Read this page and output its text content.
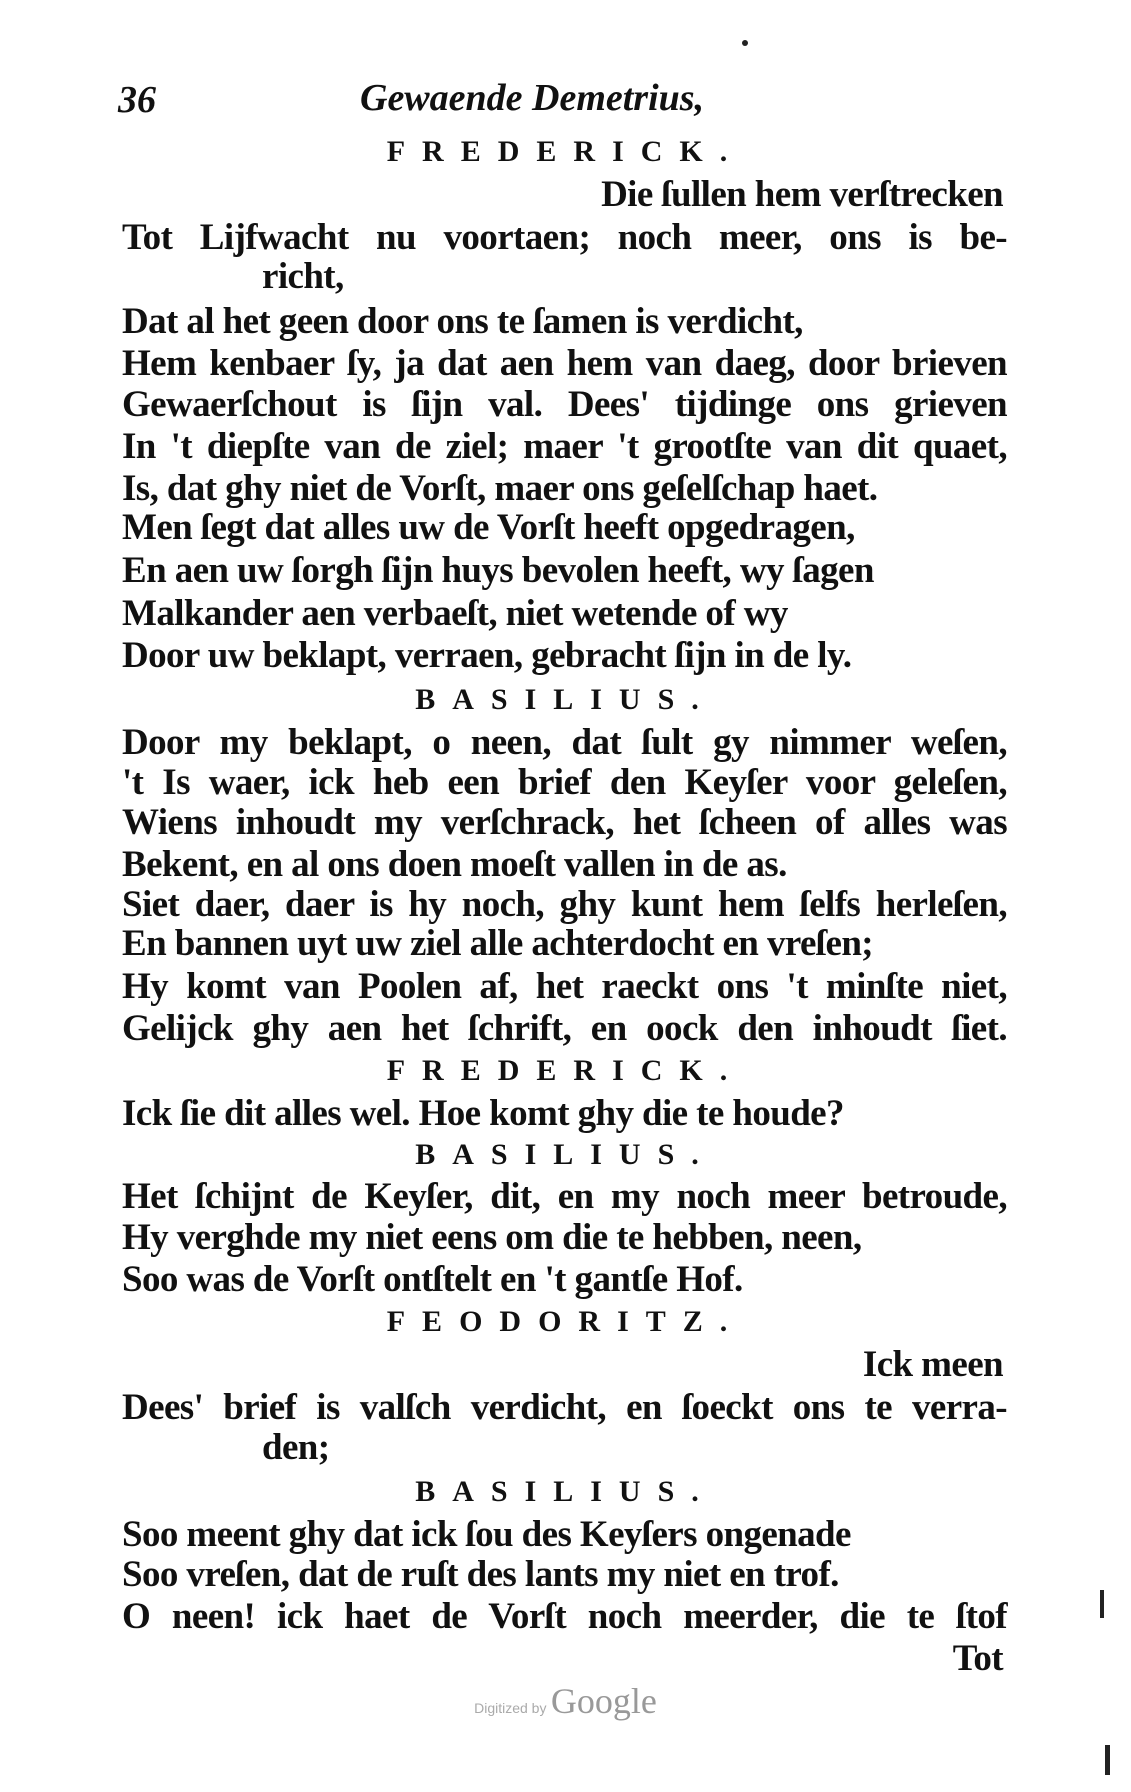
36	Gewaende Demetrius,
FREDERICK.
Die ſullen hem verſtrecken
Tot Lijfwacht nu voortaen; noch meer, ons is be-
richt,
Dat al het geen door ons te ſamen is verdicht,
Hem kenbaer ſy, ja dat aen hem van daeg, door brieven
Gewaerſchout is ſijn val. Dees' tijdinge ons grieven
In 't diepſte van de ziel; maer 't grootſte van dit quaet,
Is, dat ghy niet de Vorſt, maer ons geſelſchap haet.
Men ſegt dat alles uw de Vorſt heeft opgedragen,
En aen uw ſorgh ſijn huys bevolen heeft, wy ſagen
Malkander aen verbaeſt, niet wetende of wy
Door uw beklapt, verraen, gebracht ſijn in de ly.
BASILIUS.
Door my beklapt, o neen, dat ſult gy nimmer weſen,
't Is waer, ick heb een brief den Keyſer voor geleſen,
Wiens inhoudt my verſchrack, het ſcheen of alles was
Bekent, en al ons doen moeſt vallen in de as.
Siet daer, daer is hy noch, ghy kunt hem ſelfs herleſen,
En bannen uyt uw ziel alle achterdocht en vreſen;
Hy komt van Poolen af, het raeckt ons 't minſte niet,
Gelijck ghy aen het ſchrift, en oock den inhoudt ſiet.
FREDERICK.
Ick ſie dit alles wel. Hoe komt ghy die te houde?
BASILIUS.
Het ſchijnt de Keyſer, dit, en my noch meer betroude,
Hy verghde my niet eens om die te hebben, neen,
Soo was de Vorſt ontſtelt en 't gantſe Hof.
FEODORITZ.
Ick meen
Dees' brief is valſch verdicht, en ſoeckt ons te verra-
den;
BASILIUS.
Soo meent ghy dat ick ſou des Keyſers ongenade
Soo vreſen, dat de ruſt des lants my niet en trof.
O neen! ick haet de Vorſt noch meerder, die te ſtof
Tot
Digitized by Google
